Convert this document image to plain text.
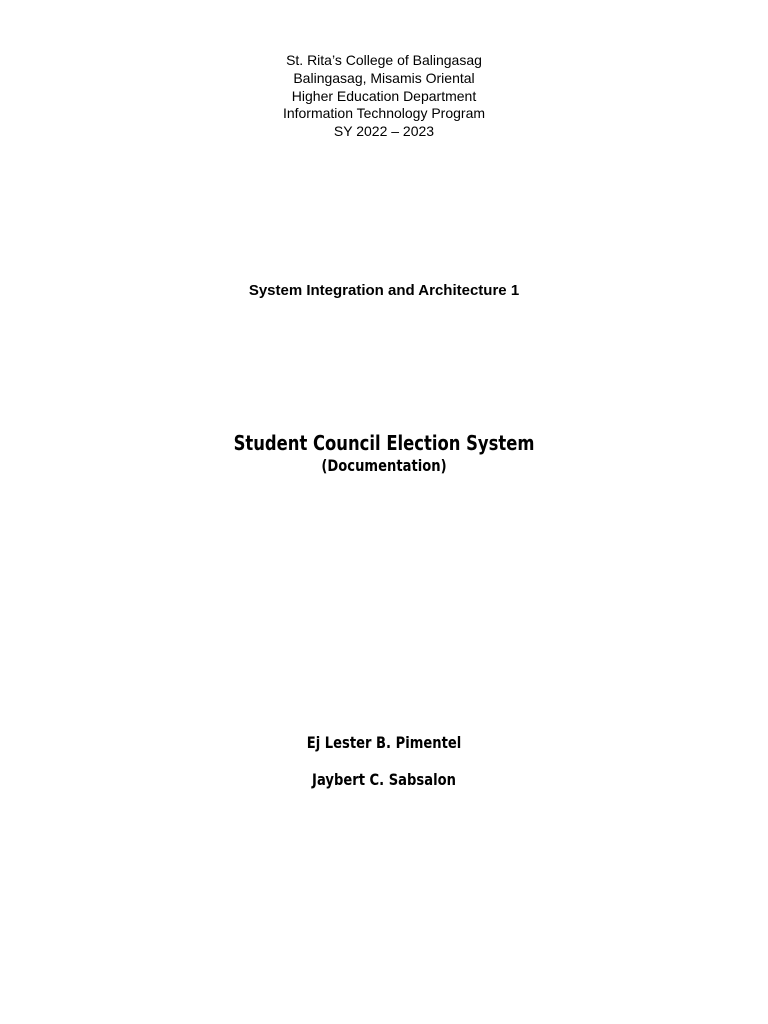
St. Rita’s College of Balingasag
Balingasag, Misamis Oriental
Higher Education Department
Information Technology Program
SY 2022 – 2023
System Integration and Architecture 1
Student Council Election System
(Documentation)
Ej Lester B. Pimentel
Jaybert C. Sabsalon
